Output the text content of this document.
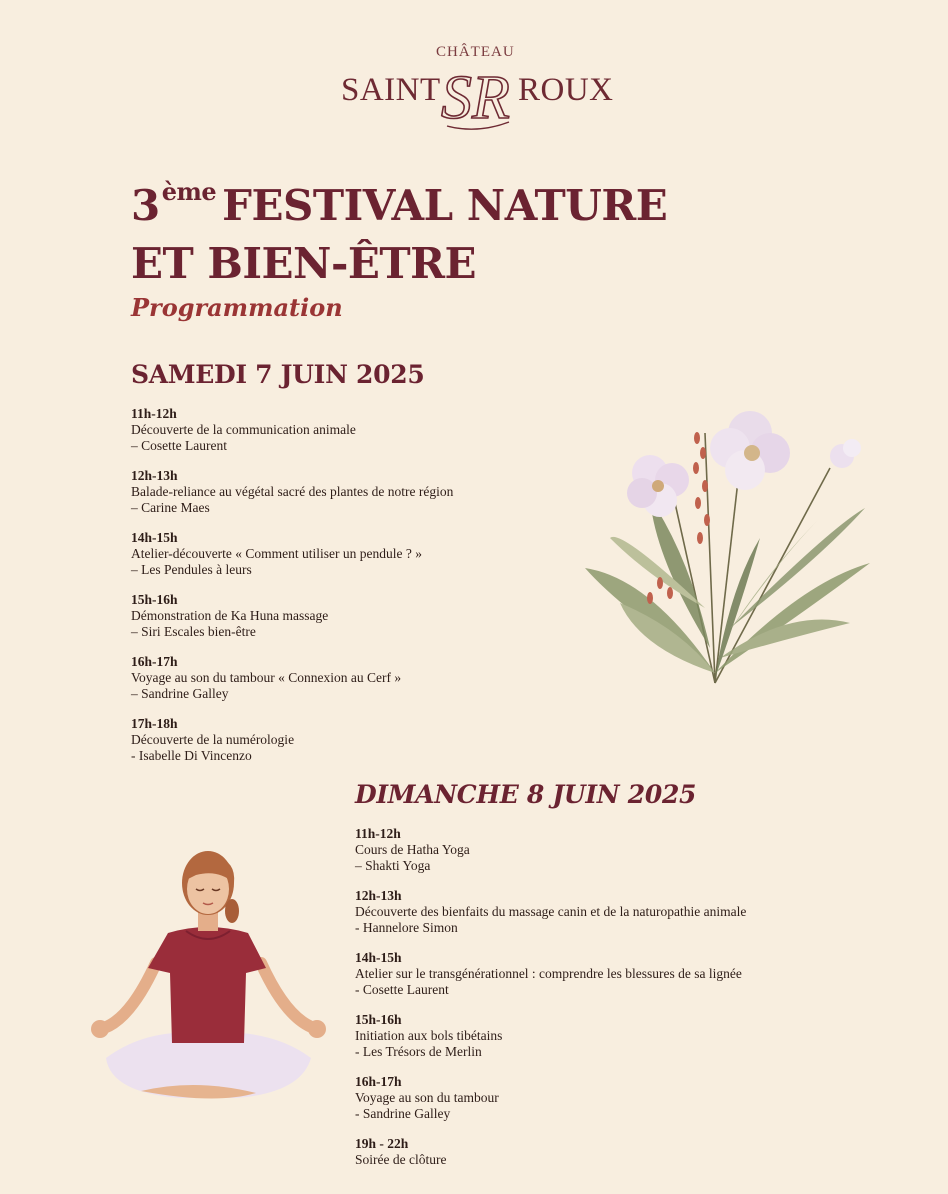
CHÂTEAU
SAINT SR ROUX
3ème FESTIVAL NATURE
ET BIEN-ÊTRE
Programmation
SAMEDI 7 JUIN 2025
11h-12h
Découverte de la communication animale
– Cosette Laurent
12h-13h
Balade-reliance au végétal sacré des plantes de notre région
– Carine Maes
14h-15h
Atelier-découverte « Comment utiliser un pendule ? »
– Les Pendules à leurs
15h-16h
Démonstration de Ka Huna massage
– Siri Escales bien-être
16h-17h
Voyage au son du tambour « Connexion au Cerf »
– Sandrine Galley
17h-18h
Découverte de la numérologie
- Isabelle Di Vincenzo
DIMANCHE 8 JUIN 2025
11h-12h
Cours de Hatha Yoga
– Shakti Yoga
12h-13h
Découverte des bienfaits du massage canin et de la naturopathie animale
- Hannelore Simon
14h-15h
Atelier sur le transgénérationnel : comprendre les blessures de sa lignée
- Cosette Laurent
15h-16h
Initiation aux bols tibétains
- Les Trésors de Merlin
16h-17h
Voyage au son du tambour
- Sandrine Galley
19h - 22h
Soirée de clôture
